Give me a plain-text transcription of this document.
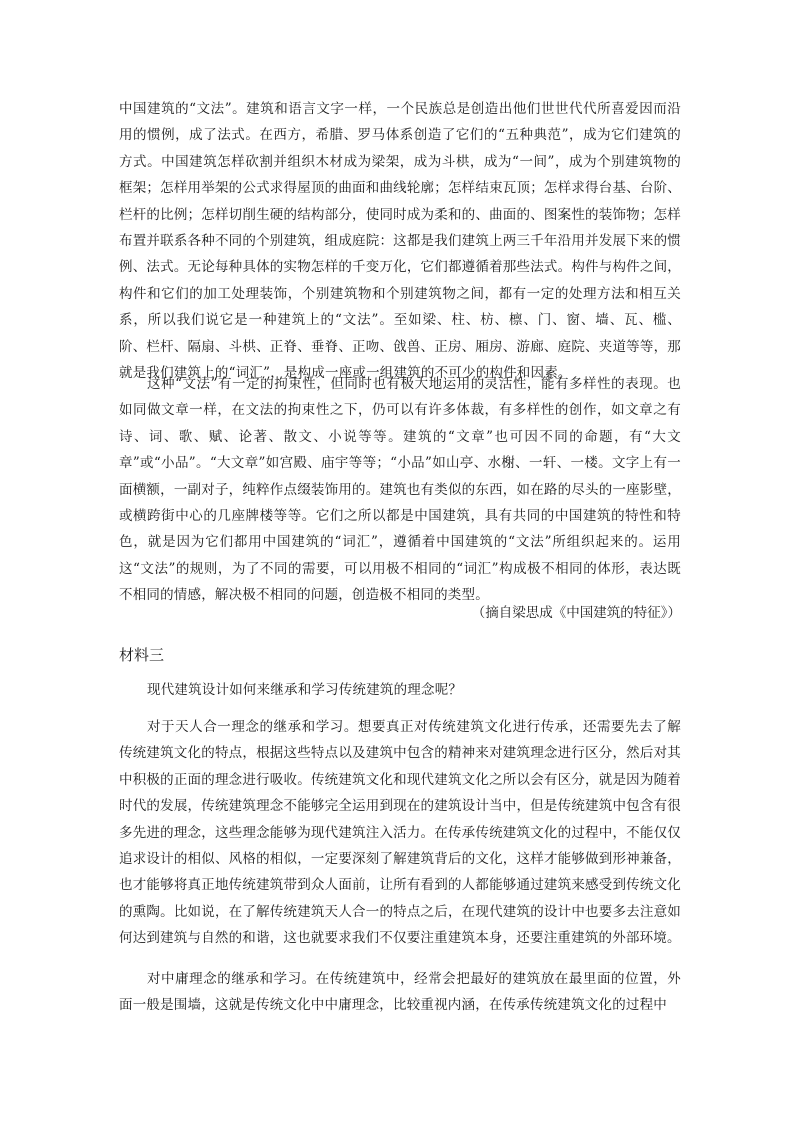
中国建筑的“文法”。建筑和语言文字一样，一个民族总是创造出他们世世代代所喜爱因而沿用的惯例，成了法式。在西方，希腊、罗马体系创造了它们的“五种典范”，成为它们建筑的方式。中国建筑怎样砍割并组织木材成为梁架，成为斗栱，成为“一间”，成为个别建筑物的框架；怎样用举架的公式求得屋顶的曲面和曲线轮廓；怎样结束瓦顶；怎样求得台基、台阶、栏杆的比例；怎样切削生硬的结构部分，使同时成为柔和的、曲面的、图案性的装饰物；怎样布置并联系各种不同的个别建筑，组成庭院：这都是我们建筑上两三千年沿用并发展下来的惯例、法式。无论每种具体的实物怎样的千变万化，它们都遵循着那些法式。构件与构件之间，构件和它们的加工处理装饰，个别建筑物和个别建筑物之间，都有一定的处理方法和相互关系，所以我们说它是一种建筑上的“文法”。至如梁、柱、枋、檩、门、窗、墙、瓦、槛、阶、栏杆、隔扇、斗栱、正脊、垂脊、正吻、戗兽、正房、厢房、游廊、庭院、夹道等等，那就是我们建筑上的“词汇”，是构成一座或一组建筑的不可少的构件和因素。

这种“文法”有一定的拘束性，但同时也有极大地运用的灵活性，能有多样性的表现。也如同做文章一样，在文法的拘束性之下，仍可以有许多体裁，有多样性的创作，如文章之有诗、词、歌、赋、论著、散文、小说等等。建筑的“文章”也可因不同的命题，有“大文章”或“小品”。“大文章”如宫殿、庙宇等等；“小品”如山亭、水榭、一轩、一楼。文字上有一面横额，一副对子，纯粹作点缀装饰用的。建筑也有类似的东西，如在路的尽头的一座影壁，或横跨街中心的几座牌楼等等。它们之所以都是中国建筑，具有共同的中国建筑的特性和特色，就是因为它们都用中国建筑的“词汇”，遵循着中国建筑的“文法”所组织起来的。运用这“文法”的规则，为了不同的需要，可以用极不相同的“词汇”构成极不相同的体形，表达既不相同的情感，解决极不相同的问题，创造极不相同的类型。

（摘自梁思成《中国建筑的特征》）

材料三

现代建筑设计如何来继承和学习传统建筑的理念呢？

对于天人合一理念的继承和学习。想要真正对传统建筑文化进行传承，还需要先去了解传统建筑文化的特点，根据这些特点以及建筑中包含的精神来对建筑理念进行区分，然后对其中积极的正面的理念进行吸收。传统建筑文化和现代建筑文化之所以会有区分，就是因为随着时代的发展，传统建筑理念不能够完全运用到现在的建筑设计当中，但是传统建筑中包含有很多先进的理念，这些理念能够为现代建筑注入活力。在传承传统建筑文化的过程中，不能仅仅追求设计的相似、风格的相似，一定要深刻了解建筑背后的文化，这样才能够做到形神兼备，也才能够将真正地传统建筑带到众人面前，让所有看到的人都能够通过建筑来感受到传统文化的熏陶。比如说，在了解传统建筑天人合一的特点之后，在现代建筑的设计中也要多去注意如何达到建筑与自然的和谐，这也就要求我们不仅要注重建筑本身，还要注重建筑的外部环境。

对中庸理念的继承和学习。在传统建筑中，经常会把最好的建筑放在最里面的位置，外面一般是围墙，这就是传统文化中中庸理念，比较重视内涵，在传承传统建筑文化的过程中
